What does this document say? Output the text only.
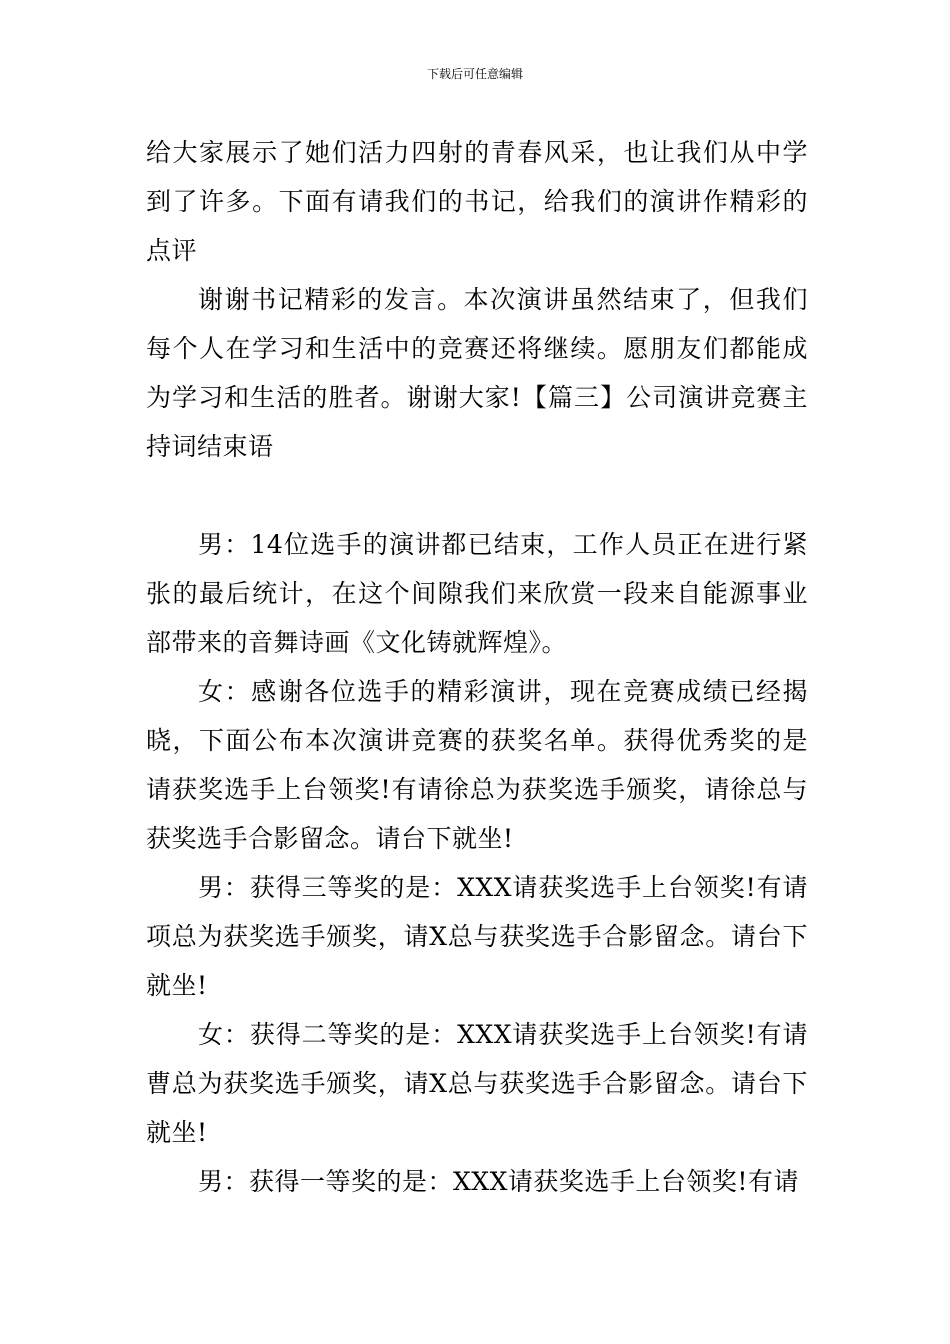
下载后可任意编辑

给大家展示了她们活力四射的青春风采，也让我们从中学到了许多。下面有请我们的书记，给我们的演讲作精彩的点评

谢谢书记精彩的发言。本次演讲虽然结束了，但我们每个人在学习和生活中的竞赛还将继续。愿朋友们都能成为学习和生活的胜者。谢谢大家!【篇三】公司演讲竞赛主持词结束语

男：14位选手的演讲都已结束，工作人员正在进行紧张的最后统计，在这个间隙我们来欣赏一段来自能源事业部带来的音舞诗画《文化铸就辉煌》。

女：感谢各位选手的精彩演讲，现在竞赛成绩已经揭晓，下面公布本次演讲竞赛的获奖名单。获得优秀奖的是请获奖选手上台领奖!有请徐总为获奖选手颁奖，请徐总与获奖选手合影留念。请台下就坐!

男：获得三等奖的是：XXX请获奖选手上台领奖!有请项总为获奖选手颁奖，请X总与获奖选手合影留念。请台下就坐!

女：获得二等奖的是：XXX请获奖选手上台领奖!有请曹总为获奖选手颁奖，请X总与获奖选手合影留念。请台下就坐!

男：获得一等奖的是：XXX请获奖选手上台领奖!有请
